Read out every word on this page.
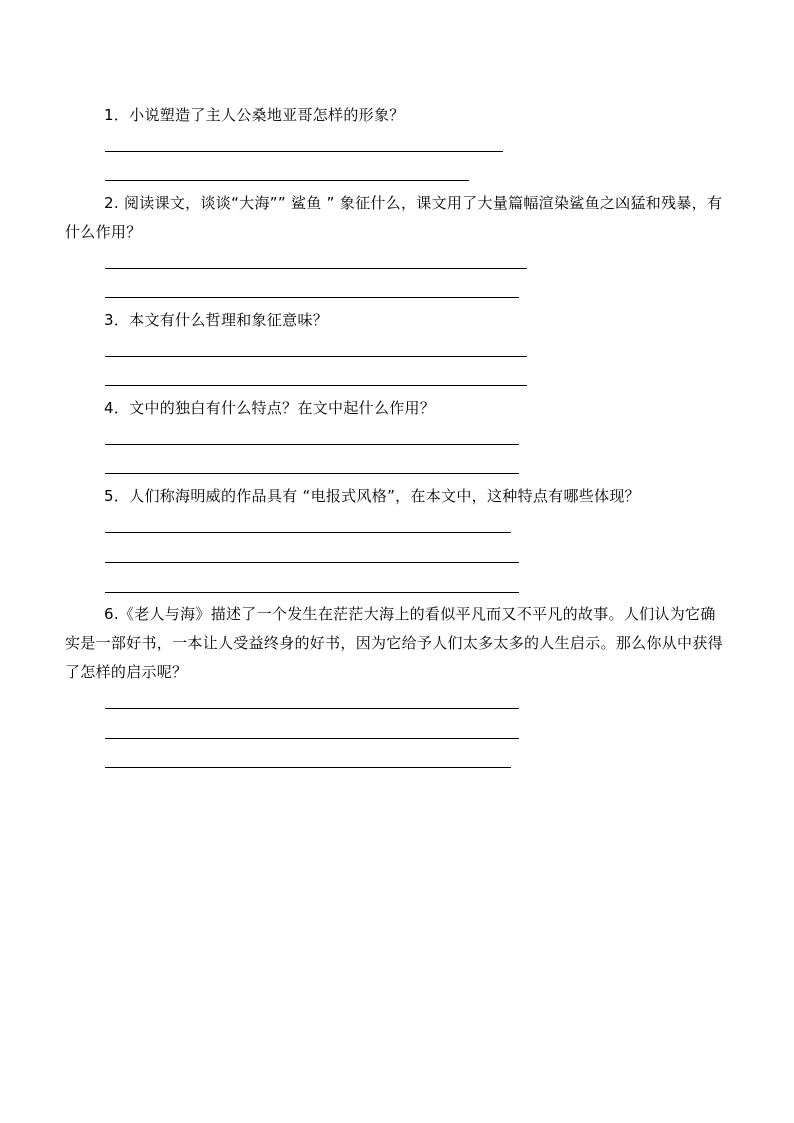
1．小说塑造了主人公桑地亚哥怎样的形象？
2. 阅读课文，谈谈“大海”” 鲨鱼 ” 象征什么，课文用了大量篇幅渲染鲨鱼之凶猛和残暴，有什么作用？
3．本文有什么哲理和象征意味？
4．文中的独白有什么特点？在文中起什么作用？
5．人们称海明威的作品具有 “电报式风格”，在本文中，这种特点有哪些体现？
6.《老人与海》描述了一个发生在茫茫大海上的看似平凡而又不平凡的故事。人们认为它确实是一部好书，一本让人受益终身的好书，因为它给予人们太多太多的人生启示。那么你从中获得了怎样的启示呢？
